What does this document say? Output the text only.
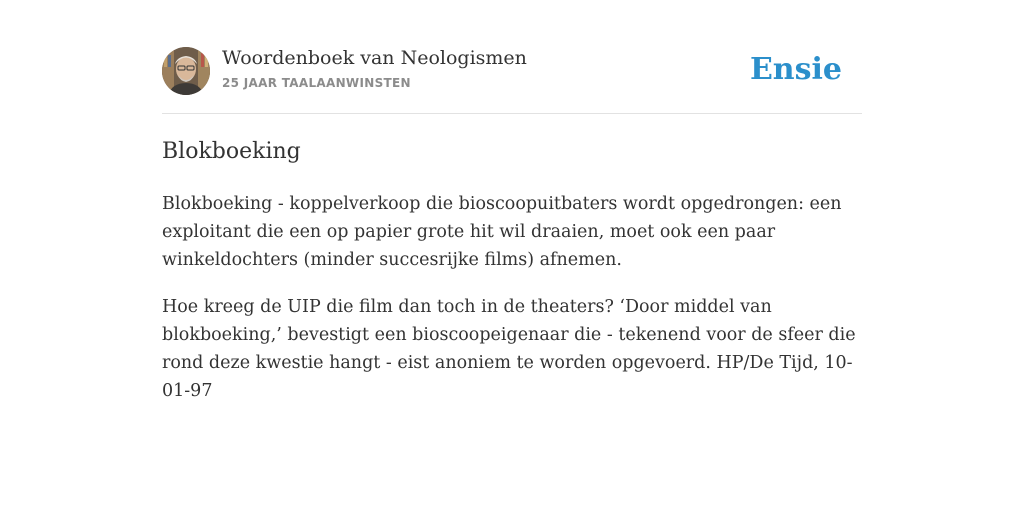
Woordenboek van Neologismen
25 JAAR TAALAANWINSTEN	Ensie
Blokboeking

Blokboeking - koppelverkoop die bioscoopuitbaters wordt opgedrongen: een exploitant die een op papier grote hit wil draaien, moet ook een paar winkeldochters (minder succesrijke films) afnemen.

Hoe kreeg de UIP die film dan toch in de theaters? ‘Door middel van blokboeking,’ bevestigt een bioscoopeigenaar die - tekenend voor de sfeer die rond deze kwestie hangt - eist anoniem te worden opgevoerd. HP/De Tijd, 10-01-97
